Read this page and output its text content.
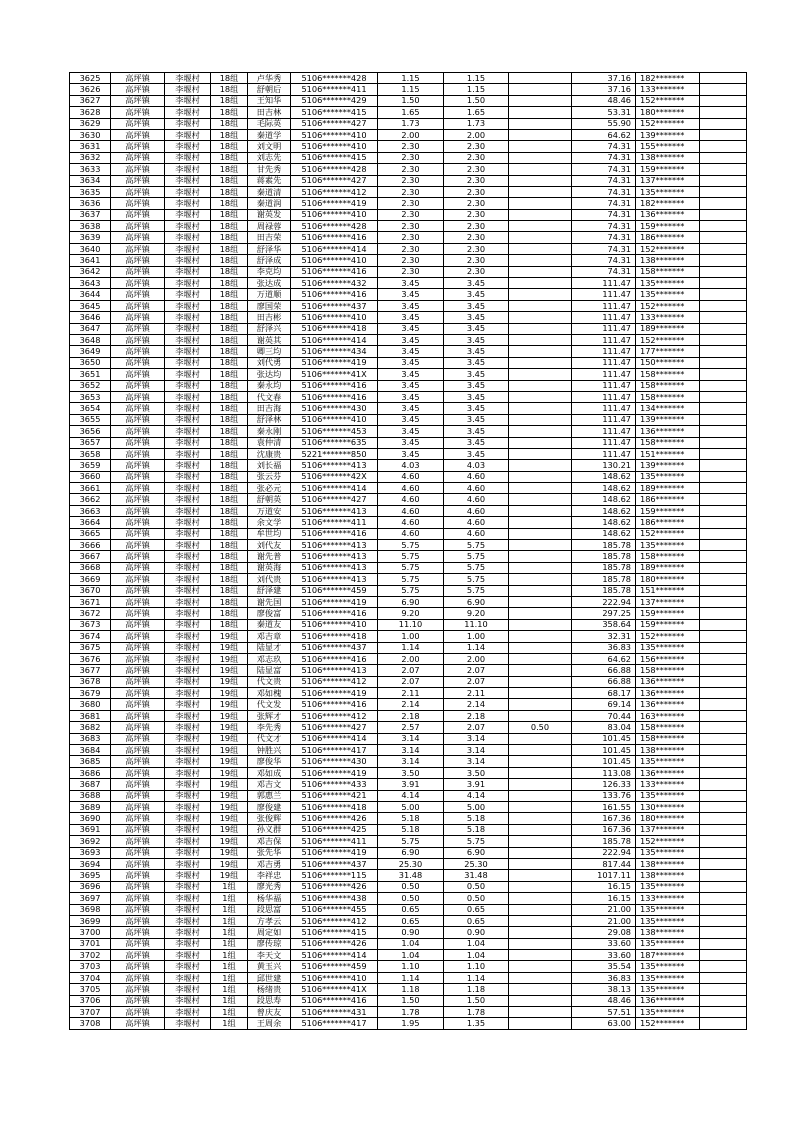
3625	高坪镇	李堰村	18组	卢华秀	5106*******428	1.15	1.15		37.16	182*******	
3626	高坪镇	李堰村	18组	舒朝后	5106*******411	1.15	1.15		37.16	133*******	
3627	高坪镇	李堰村	18组	王知华	5106*******429	1.50	1.50		48.46	152*******	
3628	高坪镇	李堰村	18组	田吉林	5106*******415	1.65	1.65		53.31	180*******	
3629	高坪镇	李堰村	18组	毛际英	5106*******427	1.73	1.73		55.90	152*******	
3630	高坪镇	李堰村	18组	秦道学	5106*******410	2.00	2.00		64.62	139*******	
3631	高坪镇	李堰村	18组	刘文明	5106*******410	2.30	2.30		74.31	155*******	
3632	高坪镇	李堰村	18组	刘志先	5106*******415	2.30	2.30		74.31	138*******	
3633	高坪镇	李堰村	18组	甘先秀	5106*******428	2.30	2.30		74.31	159*******	
3634	高坪镇	李堰村	18组	蒋素先	5106*******427	2.30	2.30		74.31	137*******	
3635	高坪镇	李堰村	18组	秦道清	5106*******412	2.30	2.30		74.31	135*******	
3636	高坪镇	李堰村	18组	秦道润	5106*******419	2.30	2.30		74.31	182*******	
3637	高坪镇	李堰村	18组	谢英发	5106*******410	2.30	2.30		74.31	136*******	
3638	高坪镇	李堰村	18组	周禄蓉	5106*******428	2.30	2.30		74.31	159*******	
3639	高坪镇	李堰村	18组	田吉荣	5106*******416	2.30	2.30		74.31	186*******	
3640	高坪镇	李堰村	18组	舒泽华	5106*******414	2.30	2.30		74.31	152*******	
3641	高坪镇	李堰村	18组	舒泽成	5106*******410	2.30	2.30		74.31	138*******	
3642	高坪镇	李堰村	18组	李克均	5106*******416	2.30	2.30		74.31	158*******	
3643	高坪镇	李堰村	18组	张达成	5106*******432	3.45	3.45		111.47	135*******	
3644	高坪镇	李堰村	18组	万道顺	5106*******416	3.45	3.45		111.47	135*******	
3645	高坪镇	李堰村	18组	廖国荣	5106*******437	3.45	3.45		111.47	152*******	
3646	高坪镇	李堰村	18组	田吉彬	5106*******410	3.45	3.45		111.47	133*******	
3647	高坪镇	李堰村	18组	舒泽兴	5106*******418	3.45	3.45		111.47	189*******	
3648	高坪镇	李堰村	18组	谢英其	5106*******414	3.45	3.45		111.47	152*******	
3649	高坪镇	李堰村	18组	卿三均	5106*******434	3.45	3.45		111.47	177*******	
3650	高坪镇	李堰村	18组	刘代勇	5106*******419	3.45	3.45		111.47	150*******	
3651	高坪镇	李堰村	18组	张达均	5106*******41X	3.45	3.45		111.47	158*******	
3652	高坪镇	李堰村	18组	秦永均	5106*******416	3.45	3.45		111.47	158*******	
3653	高坪镇	李堰村	18组	代文春	5106*******416	3.45	3.45		111.47	158*******	
3654	高坪镇	李堰村	18组	田吉海	5106*******430	3.45	3.45		111.47	134*******	
3655	高坪镇	李堰村	18组	舒泽林	5106*******410	3.45	3.45		111.47	139*******	
3656	高坪镇	李堰村	18组	秦永刚	5106*******453	3.45	3.45		111.47	136*******	
3657	高坪镇	李堰村	18组	袁仲清	5106*******635	3.45	3.45		111.47	158*******	
3658	高坪镇	李堰村	18组	沈康贵	5221*******850	3.45	3.45		111.47	151*******	
3659	高坪镇	李堰村	18组	刘长福	5106*******413	4.03	4.03		130.21	139*******	
3660	高坪镇	李堰村	18组	张云芬	5106*******42X	4.60	4.60		148.62	135*******	
3661	高坪镇	李堰村	18组	张必元	5106*******414	4.60	4.60		148.62	189*******	
3662	高坪镇	李堰村	18组	舒朝英	5106*******427	4.60	4.60		148.62	186*******	
3663	高坪镇	李堰村	18组	万道安	5106*******413	4.60	4.60		148.62	159*******	
3664	高坪镇	李堰村	18组	余文学	5106*******411	4.60	4.60		148.62	186*******	
3665	高坪镇	李堰村	18组	牟世均	5106*******416	4.60	4.60		148.62	152*******	
3666	高坪镇	李堰村	18组	刘代友	5106*******413	5.75	5.75		185.78	135*******	
3667	高坪镇	李堰村	18组	谢先普	5106*******413	5.75	5.75		185.78	158*******	
3668	高坪镇	李堰村	18组	谢英海	5106*******413	5.75	5.75		185.78	189*******	
3669	高坪镇	李堰村	18组	刘代贵	5106*******413	5.75	5.75		185.78	180*******	
3670	高坪镇	李堰村	18组	舒泽建	5106*******459	5.75	5.75		185.78	151*******	
3671	高坪镇	李堰村	18组	谢先国	5106*******419	6.90	6.90		222.94	137*******	
3672	高坪镇	李堰村	18组	廖俊富	5106*******416	9.20	9.20		297.25	159*******	
3673	高坪镇	李堰村	18组	秦道友	5106*******410	11.10	11.10		358.64	159*******	
3674	高坪镇	李堰村	19组	邓吉章	5106*******418	1.00	1.00		32.31	152*******	
3675	高坪镇	李堰村	19组	陆显才	5106*******437	1.14	1.14		36.83	135*******	
3676	高坪镇	李堰村	19组	邓志玖	5106*******416	2.00	2.00		64.62	156*******	
3677	高坪镇	李堰村	19组	陆显富	5106*******413	2.07	2.07		66.88	158*******	
3678	高坪镇	李堰村	19组	代文贵	5106*******412	2.07	2.07		66.88	136*******	
3679	高坪镇	李堰村	19组	邓如槐	5106*******419	2.11	2.11		68.17	136*******	
3680	高坪镇	李堰村	19组	代文发	5106*******416	2.14	2.14		69.14	136*******	
3681	高坪镇	李堰村	19组	张辉才	5106*******412	2.18	2.18		70.44	163*******	
3682	高坪镇	李堰村	19组	李先秀	5106*******427	2.57	2.07	0.50	83.04	158*******	
3683	高坪镇	李堰村	19组	代文才	5106*******414	3.14	3.14		101.45	158*******	
3684	高坪镇	李堰村	19组	钟胜兴	5106*******417	3.14	3.14		101.45	138*******	
3685	高坪镇	李堰村	19组	廖俊华	5106*******430	3.14	3.14		101.45	135*******	
3686	高坪镇	李堰村	19组	邓如成	5106*******419	3.50	3.50		113.08	136*******	
3687	高坪镇	李堰村	19组	邓吉文	5106*******433	3.91	3.91		126.33	133*******	
3688	高坪镇	李堰村	19组	郭惠兰	5106*******421	4.14	4.14		133.76	135*******	
3689	高坪镇	李堰村	19组	廖俊建	5106*******418	5.00	5.00		161.55	130*******	
3690	高坪镇	李堰村	19组	张俊辉	5106*******426	5.18	5.18		167.36	180*******	
3691	高坪镇	李堰村	19组	孙义群	5106*******425	5.18	5.18		167.36	137*******	
3692	高坪镇	李堰村	19组	邓吉保	5106*******411	5.75	5.75		185.78	152*******	
3693	高坪镇	李堰村	19组	张先华	5106*******419	6.90	6.90		222.94	135*******	
3694	高坪镇	李堰村	19组	邓吉勇	5106*******437	25.30	25.30		817.44	138*******	
3695	高坪镇	李堰村	19组	李祥忠	5106*******115	31.48	31.48		1017.11	138*******	
3696	高坪镇	李堰村	1组	廖光秀	5106*******426	0.50	0.50		16.15	135*******	
3697	高坪镇	李堰村	1组	杨华福	5106*******438	0.50	0.50		16.15	133*******	
3698	高坪镇	李堰村	1组	段思富	5106*******455	0.65	0.65		21.00	135*******	
3699	高坪镇	李堰村	1组	方孝云	5106*******412	0.65	0.65		21.00	135*******	
3700	高坪镇	李堰村	1组	周定如	5106*******415	0.90	0.90		29.08	138*******	
3701	高坪镇	李堰村	1组	廖传琼	5106*******426	1.04	1.04		33.60	135*******	
3702	高坪镇	李堰村	1组	李天文	5106*******414	1.04	1.04		33.60	187*******	
3703	高坪镇	李堰村	1组	黄玉兴	5106*******459	1.10	1.10		35.54	135*******	
3704	高坪镇	李堰村	1组	邱世建	5106*******410	1.14	1.14		36.83	135*******	
3705	高坪镇	李堰村	1组	杨绪贵	5106*******41X	1.18	1.18		38.13	135*******	
3706	高坪镇	李堰村	1组	段思寿	5106*******416	1.50	1.50		48.46	136*******	
3707	高坪镇	李堰村	1组	曾庆友	5106*******431	1.78	1.78		57.51	135*******	
3708	高坪镇	李堰村	1组	王周余	5106*******417	1.95	1.35		63.00	152*******	
